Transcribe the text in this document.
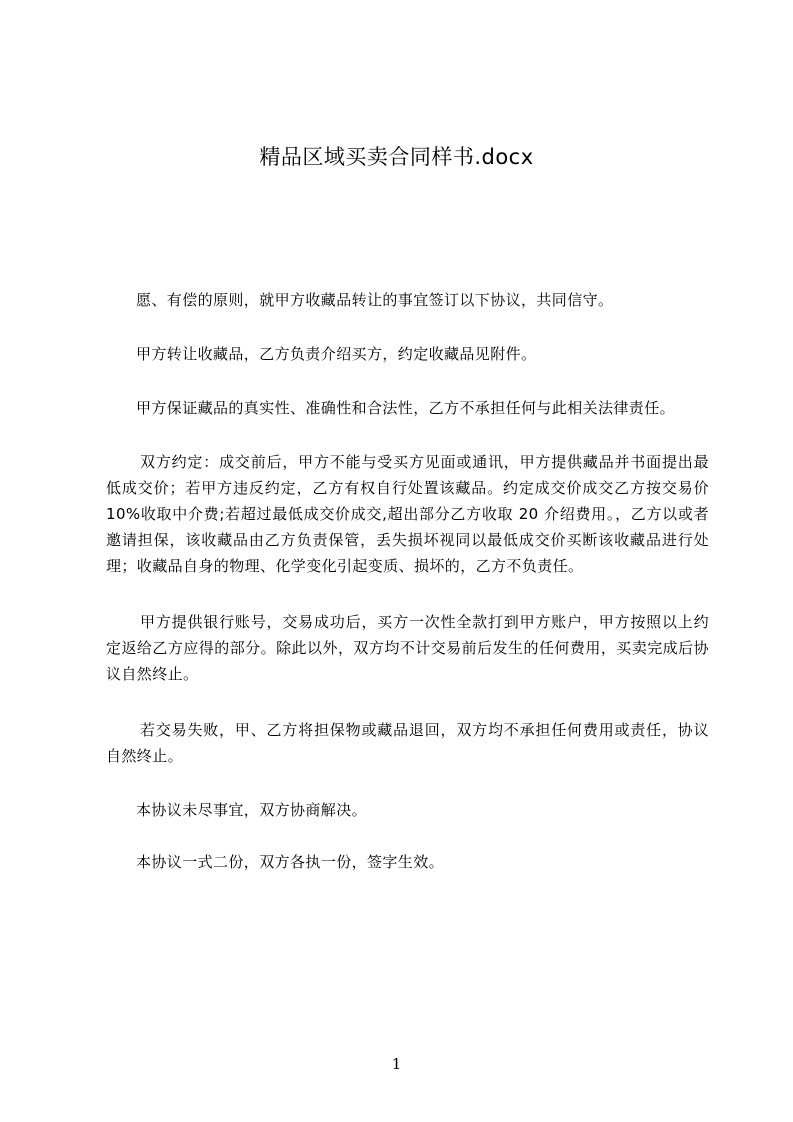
精品区域买卖合同样书.docx

愿、有偿的原则，就甲方收藏品转让的事宜签订以下协议，共同信守。

甲方转让收藏品，乙方负责介绍买方，约定收藏品见附件。

甲方保证藏品的真实性、准确性和合法性，乙方不承担任何与此相关法律责任。

双方约定：成交前后，甲方不能与受买方见面或通讯，甲方提供藏品并书面提出最低成交价；若甲方违反约定，乙方有权自行处置该藏品。约定成交价成交乙方按交易价 10%收取中介费;若超过最低成交价成交,超出部分乙方收取 20 介绍费用。，乙方以或者邀请担保，该收藏品由乙方负责保管，丢失损坏视同以最低成交价买断该收藏品进行处理；收藏品自身的物理、化学变化引起变质、损坏的，乙方不负责任。

甲方提供银行账号，交易成功后，买方一次性全款打到甲方账户，甲方按照以上约定返给乙方应得的部分。除此以外，双方均不计交易前后发生的任何费用，买卖完成后协议自然终止。

若交易失败，甲、乙方将担保物或藏品退回，双方均不承担任何费用或责任，协议自然终止。

本协议未尽事宜，双方协商解决。

本协议一式二份，双方各执一份，签字生效。

1
